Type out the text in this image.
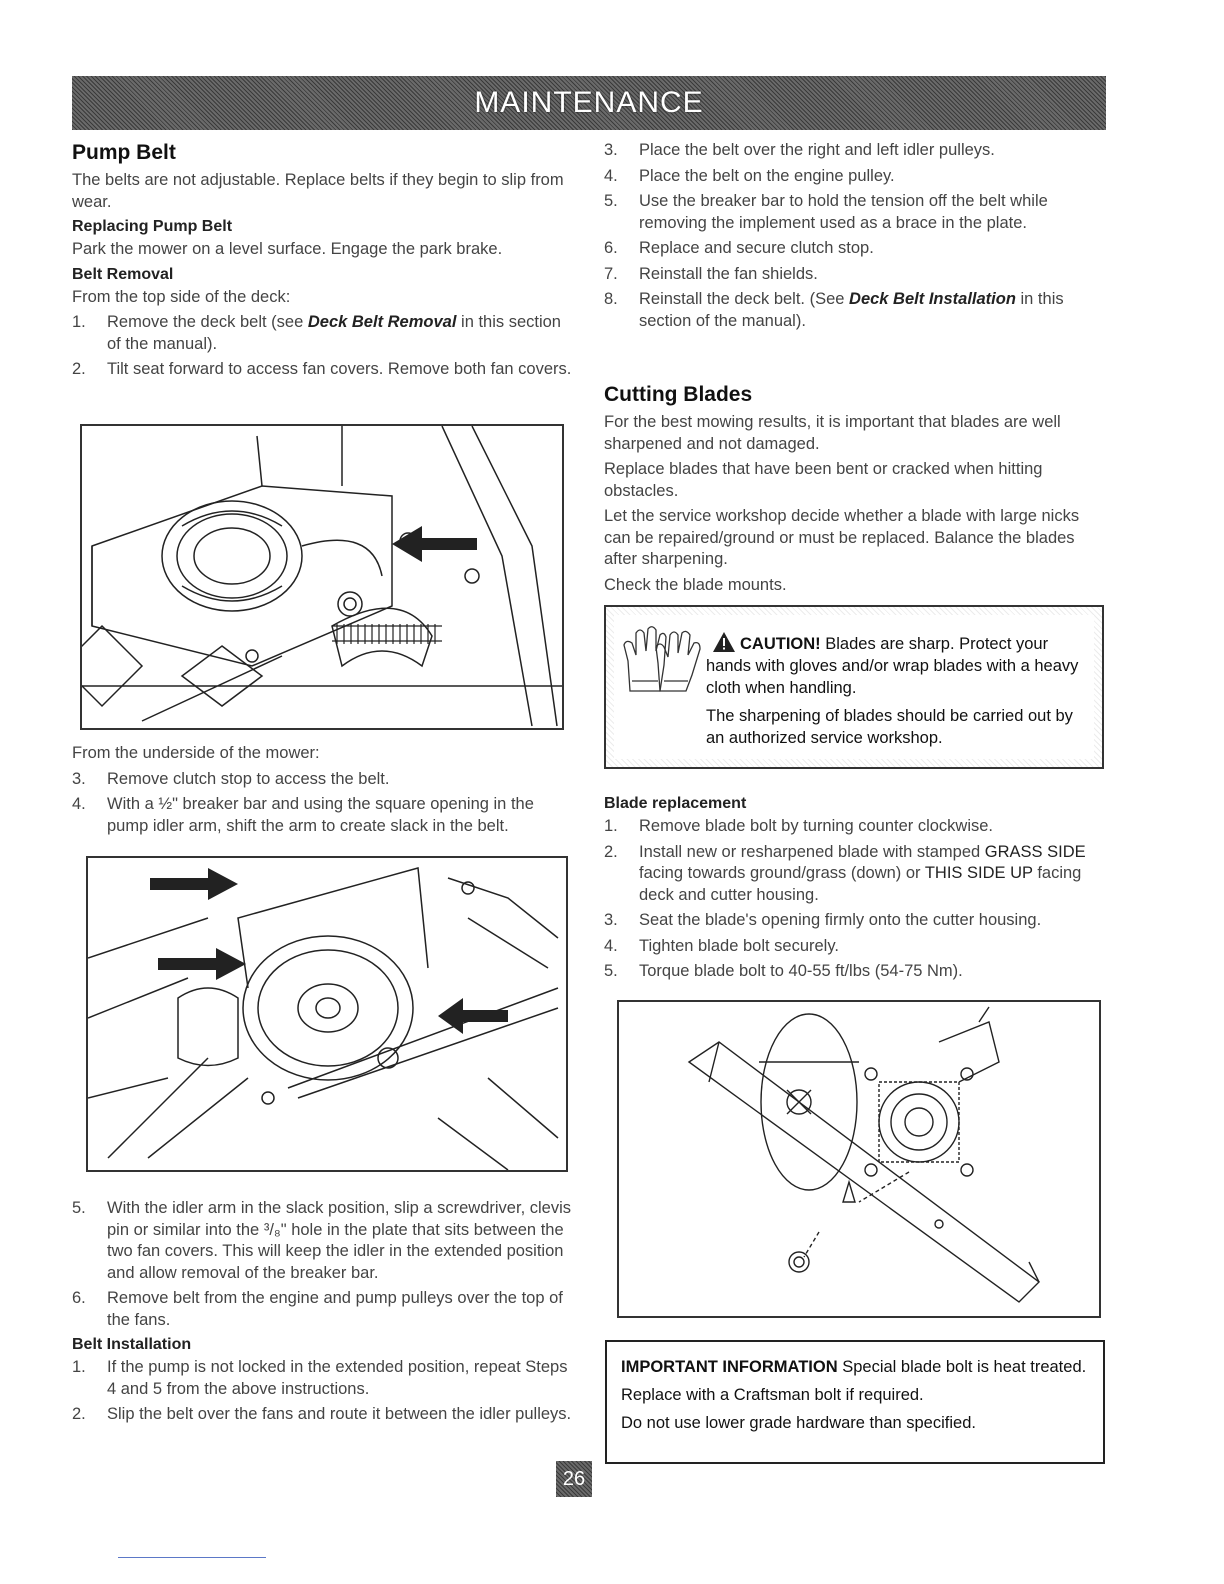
MAINTENANCE
Pump Belt

The belts are not adjustable. Replace belts if they begin to slip from wear.

Replacing Pump Belt

Park the mower on a level surface. Engage the park brake.

Belt Removal

From the top side of the deck:

1. Remove the deck belt (see Deck Belt Removal in this section of the manual).
2. Tilt seat forward to access fan covers. Remove both fan covers.

From the underside of the mower:

3. Remove clutch stop to access the belt.
4. With a ½" breaker bar and using the square opening in the pump idler arm, shift the arm to create slack in the belt.
5. With the idler arm in the slack position, slip a screwdriver, clevis pin or similar into the ³/₈" hole in the plate that sits between the two fan covers. This will keep the idler in the extended position and allow removal of the breaker bar.
6. Remove belt from the engine and pump pulleys over the top of the fans.
Belt Installation
1. If the pump is not locked in the extended position, repeat Steps 4 and 5 from the above instructions.
2. Slip the belt over the fans and route it between the idler pulleys.
3. Place the belt over the right and left idler pulleys.
4. Place the belt on the engine pulley.
5. Use the breaker bar to hold the tension off the belt while removing the implement used as a brace in the plate.
6. Replace and secure clutch stop.
7. Reinstall the fan shields.
8. Reinstall the deck belt. (See Deck Belt Installation in this section of the manual).
Cutting Blades

For the best mowing results, it is important that blades are well sharpened and not damaged.

Replace blades that have been bent or cracked when hitting obstacles.

Let the service workshop decide whether a blade with large nicks can be repaired/ground or must be replaced. Balance the blades after sharpening.

Check the blade mounts.

CAUTION! Blades are sharp. Protect your hands with gloves and/or wrap blades with a heavy cloth when handling.

The sharpening of blades should be carried out by an authorized service workshop.

Blade replacement
1. Remove blade bolt by turning counter clockwise.
2. Install new or resharpened blade with stamped GRASS SIDE facing towards ground/grass (down) or THIS SIDE UP facing deck and cutter housing.
3. Seat the blade's opening firmly onto the cutter housing.
4. Tighten blade bolt securely.
5. Torque blade bolt to 40-55 ft/lbs (54-75 Nm).

IMPORTANT INFORMATION Special blade bolt is heat treated.

Replace with a Craftsman bolt if required.

Do not use lower grade hardware than specified.

26
